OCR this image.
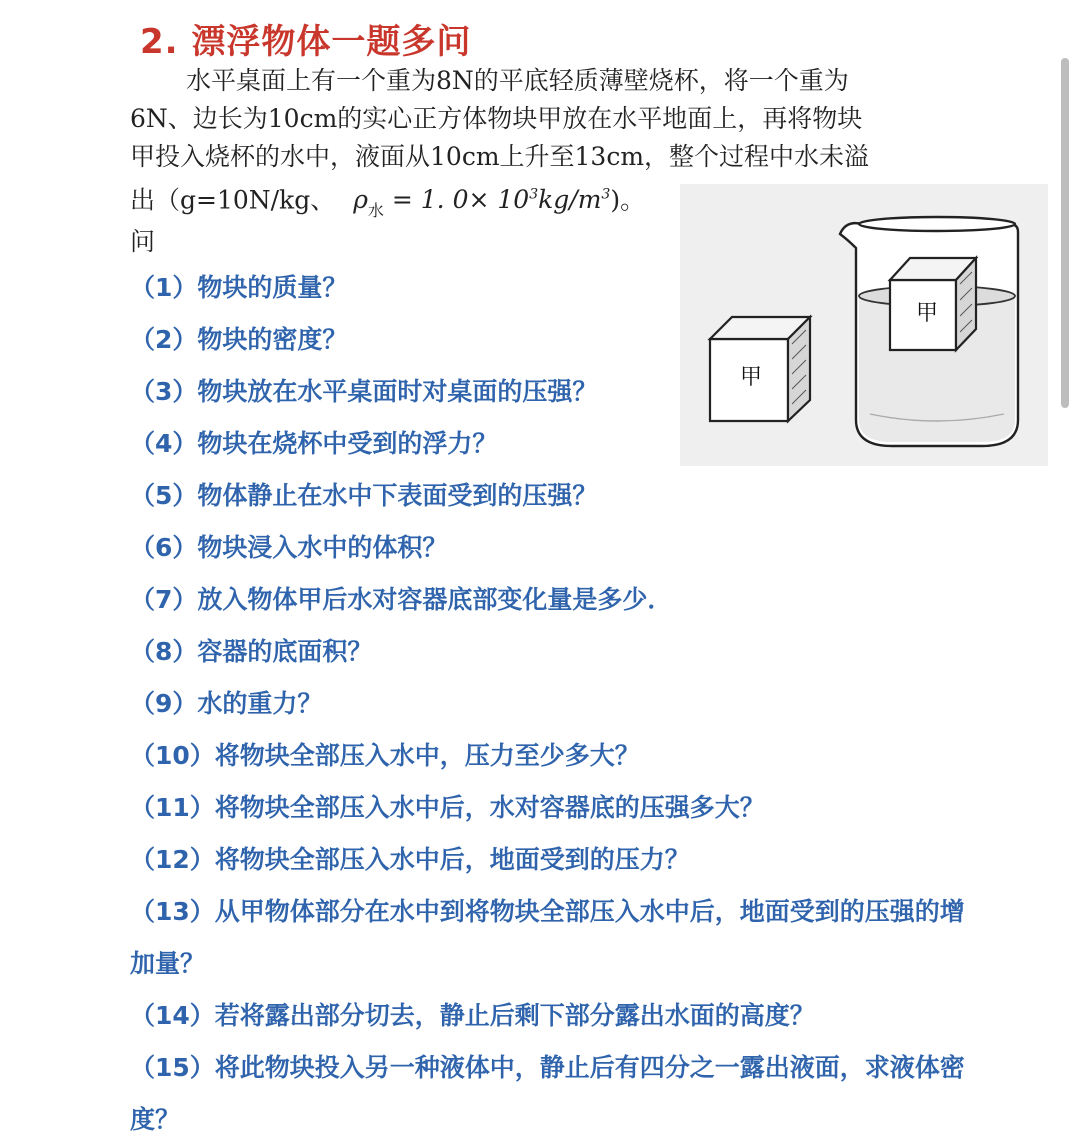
2. 漂浮物体一题多问
水平桌面上有一个重为8N的平底轻质薄壁烧杯，将一个重为
6N、边长为10cm的实心正方体物块甲放在水平地面上，再将物块
甲投入烧杯的水中，液面从10cm上升至13cm，整个过程中水未溢
出（g=10N/kg、 $\rho_水 = 1$. $0\times 10^3kg/m^3$)。
问
甲
甲
（1）物块的质量？
（2）物块的密度？
（3）物块放在水平桌面时对桌面的压强？
（4）物块在烧杯中受到的浮力？
（5）物体静止在水中下表面受到的压强？
（6）物块浸入水中的体积？
（7）放入物体甲后水对容器底部变化量是多少．
（8）容器的底面积？
（9）水的重力？
（10）将物块全部压入水中，压力至少多大？
（11）将物块全部压入水中后，水对容器底的压强多大？
（12）将物块全部压入水中后，地面受到的压力？
（13）从甲物体部分在水中到将物块全部压入水中后，地面受到的压强的增加量？
（14）若将露出部分切去，静止后剩下部分露出水面的高度？
（15）将此物块投入另一种液体中，静止后有四分之一露出液面，求液体密度？
